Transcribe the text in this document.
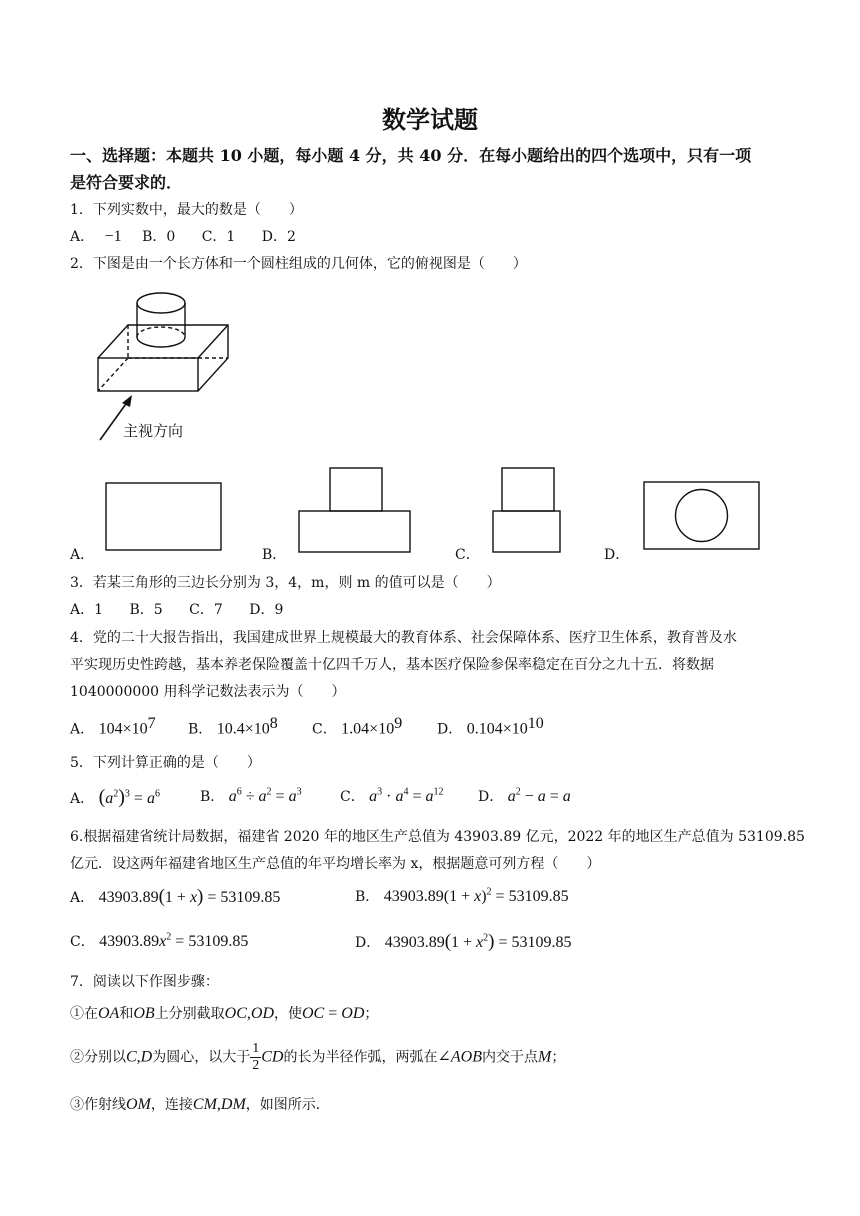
数学试题
一、选择题：本题共 10 小题，每小题 4 分，共 40 分．在每小题给出的四个选项中，只有一项
是符合要求的．
1．下列实数中，最大的数是（　　）
A． −1 B．0 C．1 D．2
2．下图是由一个长方体和一个圆柱组成的几何体，它的俯视图是（　　）
主视方向
A．	B．	C．	D．
3．若某三角形的三边长分别为 3，4，m，则 m 的值可以是（　　）
A．1 B．5 C．7 D．9
4．党的二十大报告指出，我国建成世界上规模最大的教育体系、社会保障体系、医疗卫生体系，教育普及水
平实现历史性跨越，基本养老保险覆盖十亿四千万人，基本医疗保险参保率稳定在百分之九十五．将数据
1040000000 用科学记数法表示为（　　）
A． $104\times 10^7$ B． $10.4\times 10^8$ C． $1.04\times 10^9$ D． $0.104\times 10^{10}$
5．下列计算正确的是（　　）
A． $(a^2)^3 = a^6$	B． $a^6 \div a^2 = a^3$	C． $a^3 \cdot a^4 = a^{12}$ D． $a^2 - a = a$
6.根据福建省统计局数据，福建省 2020 年的地区生产总值为 43903.89 亿元，2022 年的地区生产总值为 53109.85
亿元．设这两年福建省地区生产总值的年平均增长率为 x，根据题意可列方程（　　）
A． 43903.89(1 + x) = 53109.85	B． $43903.89(1 + x)^2 = 53109.85$
C． $43903.89x^2 = 53109.85$	D． $43903.89(1 + x^2) = 53109.85$
7．阅读以下作图步骤：
①在OA和OB上分别截取OC,OD，使OC = OD；
②分别以C,D为圆心，以大于 $\frac{1}{2}$ CD的长为半径作弧，两弧在∠AOB内交于点M；
③作射线OM，连接CM,DM，如图所示．
